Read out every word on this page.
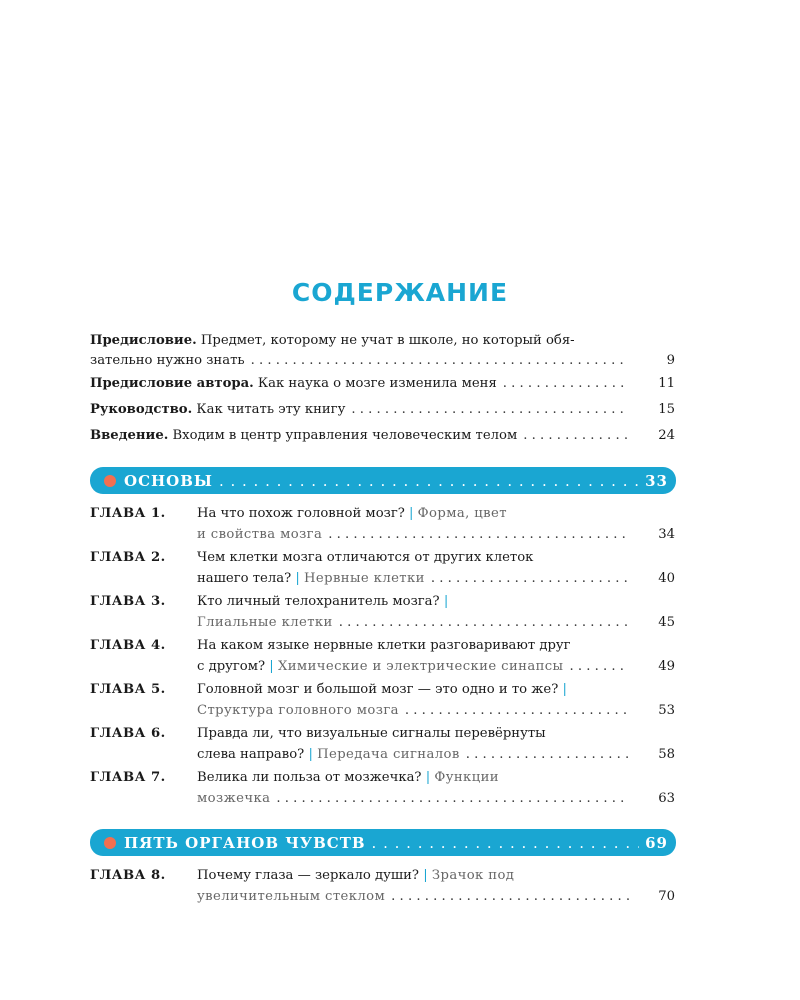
СОДЕРЖАНИЕ
Предисловие. Предмет, которому не учат в школе, но который обя-
зательно нужно знать . . .	9
Предисловие автора. Как наука о мозге изменила меня . . .	11
Руководство. Как читать эту книгу . . .	15
Введение. Входим в центр управления человеческим телом . . .	24
ОСНОВЫ . . .	33
ГЛАВА 1. На что похож головной мозг? | Форма, цвет
и свойства мозга . . .	34
ГЛАВА 2. Чем клетки мозга отличаются от других клеток
нашего тела? | Нервные клетки . . .	40
ГЛАВА 3. Кто личный телохранитель мозга? |
Глиальные клетки . . .	45
ГЛАВА 4. На каком языке нервные клетки разговаривают друг
с другом? | Химические и электрические синапсы . . .	49
ГЛАВА 5. Головной мозг и большой мозг — это одно и то же? |
Структура головного мозга . . .	53
ГЛАВА 6. Правда ли, что визуальные сигналы перевёрнуты
слева направо? | Передача сигналов . . .	58
ГЛАВА 7. Велика ли польза от мозжечка? | Функции
мозжечка . . .	63
ПЯТЬ ОРГАНОВ ЧУВСТВ . . .	69
ГЛАВА 8. Почему глаза — зеркало души? | Зрачок под
увеличительным стеклом . . .	70
